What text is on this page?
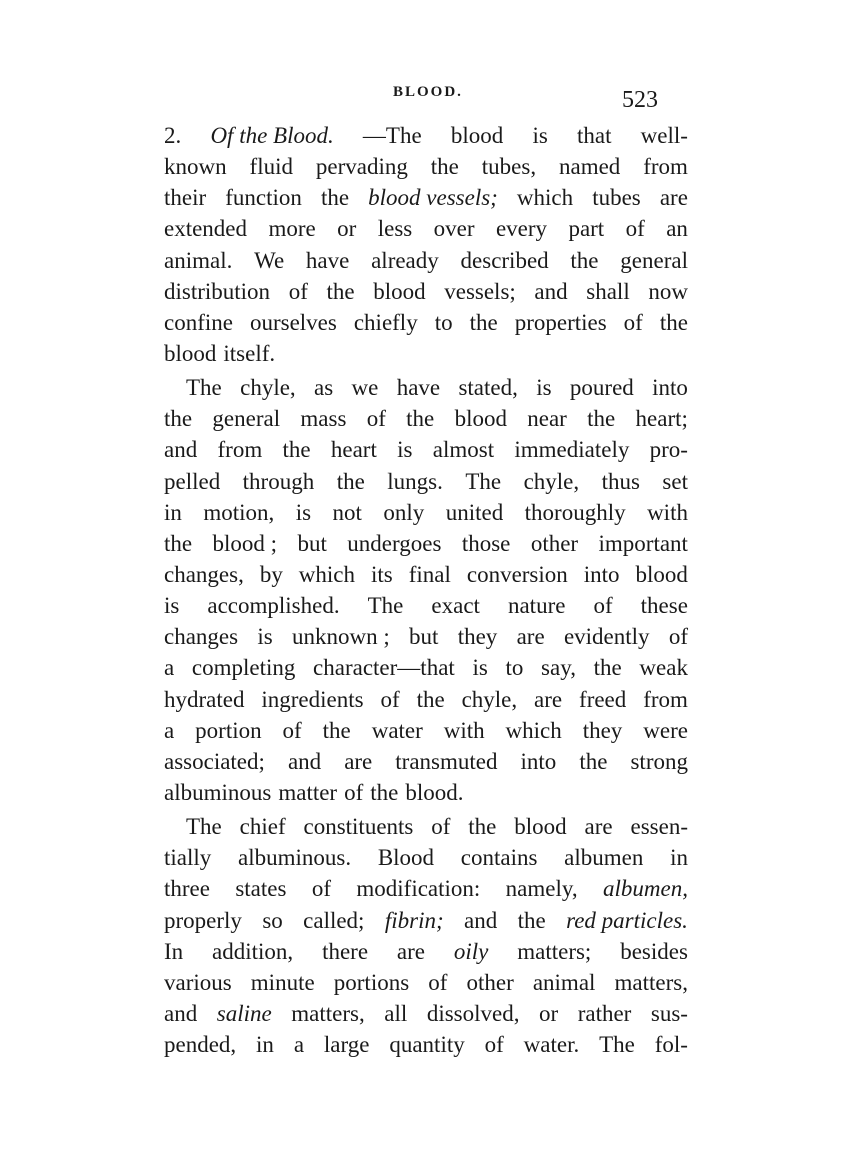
BLOOD.	523
2. Of the Blood. —The blood is that well-
known fluid pervading the tubes, named from
their function the blood vessels; which tubes are
extended more or less over every part of an
animal. We have already described the general
distribution of the blood vessels; and shall now
confine ourselves chiefly to the properties of the
blood itself.
The chyle, as we have stated, is poured into
the general mass of the blood near the heart;
and from the heart is almost immediately pro-
pelled through the lungs. The chyle, thus set
in motion, is not only united thoroughly with
the blood ; but undergoes those other important
changes, by which its final conversion into blood
is accomplished. The exact nature of these
changes is unknown ; but they are evidently of
a completing character—that is to say, the weak
hydrated ingredients of the chyle, are freed from
a portion of the water with which they were
associated; and are transmuted into the strong
albuminous matter of the blood.
The chief constituents of the blood are essen-
tially albuminous. Blood contains albumen in
three states of modification: namely, albumen,
properly so called; fibrin; and the red particles.
In addition, there are oily matters; besides
various minute portions of other animal matters,
and saline matters, all dissolved, or rather sus-
pended, in a large quantity of water. The fol-
